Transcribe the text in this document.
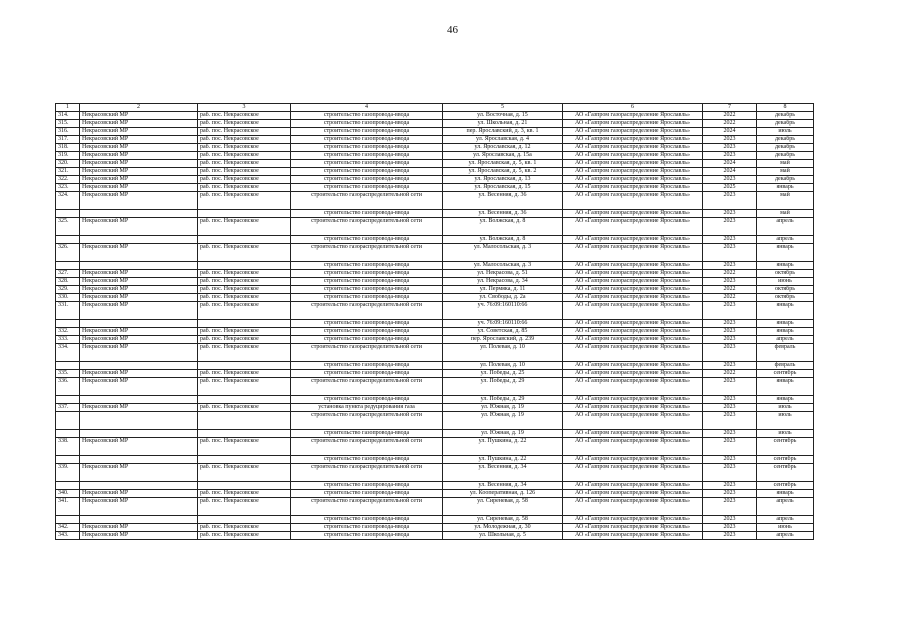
46
1	2	3	4	5	6	7	8
314.	Некрасовский МР	раб. пос. Некрасовское	строительство газопровода-ввода	ул. Восточная, д. 15	АО «Газпром газораспределение Ярославль»	2022	декабрь
315.	Некрасовский МР	раб. пос. Некрасовское	строительство газопровода-ввода	ул. Школьная, д. 21	АО «Газпром газораспределение Ярославль»	2022	декабрь
316.	Некрасовский МР	раб. пос. Некрасовское	строительство газопровода-ввода	пер. Ярославский, д. 3, кв. 1	АО «Газпром газораспределение Ярославль»	2024	июль
317.	Некрасовский МР	раб. пос. Некрасовское	строительство газопровода-ввода	ул. Ярославская, д. 4	АО «Газпром газораспределение Ярославль»	2023	декабрь
318.	Некрасовский МР	раб. пос. Некрасовское	строительство газопровода-ввода	ул. Ярославская, д. 12	АО «Газпром газораспределение Ярославль»	2023	декабрь
319.	Некрасовский МР	раб. пос. Некрасовское	строительство газопровода-ввода	ул. Ярославская, д. 15а	АО «Газпром газораспределение Ярославль»	2023	декабрь
320.	Некрасовский МР	раб. пос. Некрасовское	строительство газопровода-ввода	ул. Ярославская, д. 5, кв. 1	АО «Газпром газораспределение Ярославль»	2024	май
321.	Некрасовский МР	раб. пос. Некрасовское	строительство газопровода-ввода	ул. Ярославская, д. 5, кв. 2	АО «Газпром газораспределение Ярославль»	2024	май
322.	Некрасовский МР	раб. пос. Некрасовское	строительство газопровода-ввода	ул. Ярославская, д. 13	АО «Газпром газораспределение Ярославль»	2023	декабрь
323.	Некрасовский МР	раб. пос. Некрасовское	строительство газопровода-ввода	ул. Ярославская, д. 15	АО «Газпром газораспределение Ярославль»	2025	январь
324.	Некрасовский МР	раб. пос. Некрасовское	строительство газораспределительной сети	ул. Весенняя, д. 36	АО «Газпром газораспределение Ярославль»	2023	май
			строительство газопровода-ввода	ул. Весенняя, д. 36	АО «Газпром газораспределение Ярославль»	2023	май
325.	Некрасовский МР	раб. пос. Некрасовское	строительство газораспределительной сети	ул. Волжская, д. 8	АО «Газпром газораспределение Ярославль»	2023	апрель
			строительство газопровода-ввода	ул. Волжская, д. 8	АО «Газпром газораспределение Ярославль»	2023	апрель
326.	Некрасовский МР	раб. пос. Некрасовское	строительство газораспределительной сети	ул. Малосольская, д. 3	АО «Газпром газораспределение Ярославль»	2023	январь
			строительство газопровода-ввода	ул. Малосольская, д. 3	АО «Газпром газораспределение Ярославль»	2023	январь
327.	Некрасовский МР	раб. пос. Некрасовское	строительство газопровода-ввода	ул. Некрасова, д. 51	АО «Газпром газораспределение Ярославль»	2022	октябрь
328.	Некрасовский МР	раб. пос. Некрасовское	строительство газопровода-ввода	ул. Некрасова, д. 34	АО «Газпром газораспределение Ярославль»	2023	июнь
329.	Некрасовский МР	раб. пос. Некрасовское	строительство газопровода-ввода	ул. Пермяка, д. 11	АО «Газпром газораспределение Ярославль»	2022	октябрь
330.	Некрасовский МР	раб. пос. Некрасовское	строительство газопровода-ввода	ул. Свободы, д. 2а	АО «Газпром газораспределение Ярославль»	2022	октябрь
331.	Некрасовский МР	раб. пос. Некрасовское	строительство газораспределительной сети	уч. 76:09:160110:66	АО «Газпром газораспределение Ярославль»	2023	январь
			строительство газопровода-ввода	уч. 76:09:160110:66	АО «Газпром газораспределение Ярославль»	2023	январь
332.	Некрасовский МР	раб. пос. Некрасовское	строительство газопровода-ввода	ул. Советская, д. 85	АО «Газпром газораспределение Ярославль»	2023	январь
333.	Некрасовский МР	раб. пос. Некрасовское	строительство газопровода-ввода	пер. Ярославский, д. 239	АО «Газпром газораспределение Ярославль»	2023	апрель
334.	Некрасовский МР	раб. пос. Некрасовское	строительство газораспределительной сети	ул. Полевая, д. 10	АО «Газпром газораспределение Ярославль»	2023	февраль
			строительство газопровода-ввода	ул. Полевая, д. 10	АО «Газпром газораспределение Ярославль»	2023	февраль
335.	Некрасовский МР	раб. пос. Некрасовское	строительство газопровода-ввода	ул. Победы, д. 25	АО «Газпром газораспределение Ярославль»	2022	сентябрь
336.	Некрасовский МР	раб. пос. Некрасовское	строительство газораспределительной сети	ул. Победы, д. 29	АО «Газпром газораспределение Ярославль»	2023	январь
			строительство газопровода-ввода	ул. Победы, д. 29	АО «Газпром газораспределение Ярославль»	2023	январь
337.	Некрасовский МР	раб. пос. Некрасовское	установка пункта редуцирования газа	ул. Южная, д. 19	АО «Газпром газораспределение Ярославль»	2023	июль
			строительство газораспределительной сети	ул. Южная, д. 19	АО «Газпром газораспределение Ярославль»	2023	июль
			строительство газопровода-ввода	ул. Южная, д. 19	АО «Газпром газораспределение Ярославль»	2023	июль
338.	Некрасовский МР	раб. пос. Некрасовское	строительство газораспределительной сети	ул. Пушкина, д. 22	АО «Газпром газораспределение Ярославль»	2023	сентябрь
			строительство газопровода-ввода	ул. Пушкина, д. 22	АО «Газпром газораспределение Ярославль»	2023	сентябрь
339.	Некрасовский МР	раб. пос. Некрасовское	строительство газораспределительной сети	ул. Весенняя, д. 34	АО «Газпром газораспределение Ярославль»	2023	сентябрь
			строительство газопровода-ввода	ул. Весенняя, д. 34	АО «Газпром газораспределение Ярославль»	2023	сентябрь
340.	Некрасовский МР	раб. пос. Некрасовское	строительство газопровода-ввода	ул. Кооперативная, д. 126	АО «Газпром газораспределение Ярославль»	2023	январь
341.	Некрасовский МР	раб. пос. Некрасовское	строительство газораспределительной сети	ул. Сиреневая, д. 58	АО «Газпром газораспределение Ярославль»	2023	апрель
			строительство газопровода-ввода	ул. Сиреневая, д. 58	АО «Газпром газораспределение Ярославль»	2023	апрель
342.	Некрасовский МР	раб. пос. Некрасовское	строительство газопровода-ввода	ул. Молодежная, д. 30	АО «Газпром газораспределение Ярославль»	2023	июнь
343.	Некрасовский МР	раб. пос. Некрасовское	строительство газопровода-ввода	ул. Школьная, д. 5	АО «Газпром газораспределение Ярославль»	2023	апрель
